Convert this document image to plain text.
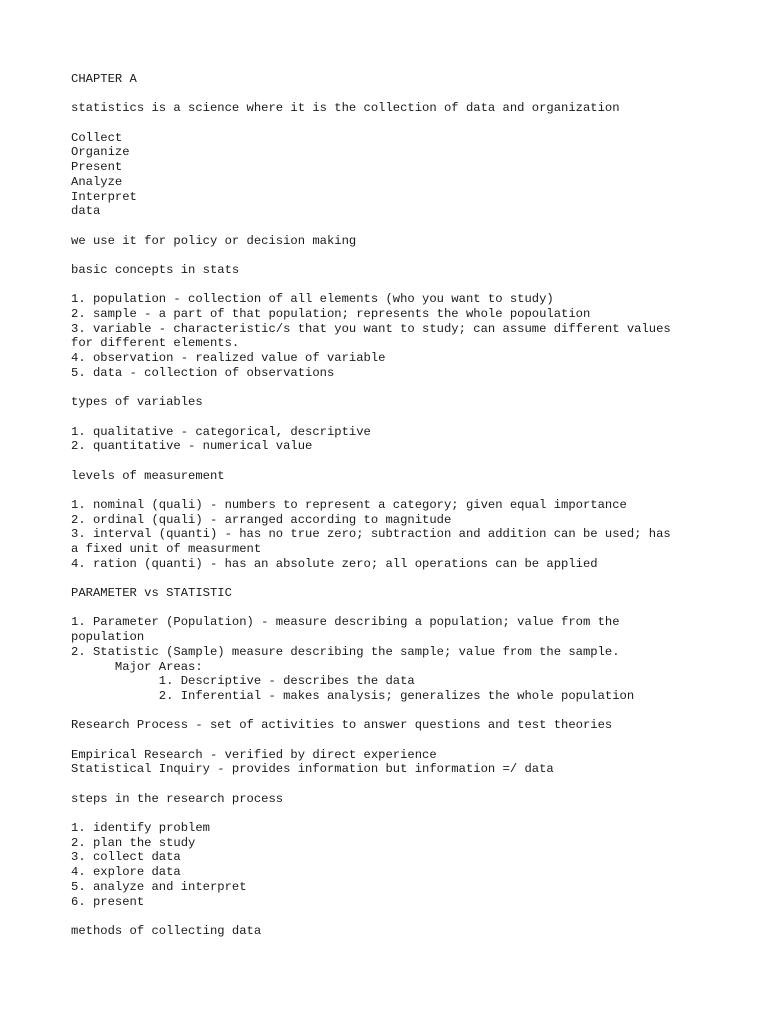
CHAPTER A
statistics is a science where it is the collection of data and organization
Collect
Organize
Present
Analyze
Interpret
data
we use it for policy or decision making
basic concepts in stats
1. population - collection of all elements (who you want to study)
2. sample - a part of that population; represents the whole popoulation
3. variable - characteristic/s that you want to study; can assume different values
for different elements.
4. observation - realized value of variable
5. data - collection of observations
types of variables
1. qualitative - categorical, descriptive
2. quantitative - numerical value
levels of measurement
1. nominal (quali) - numbers to represent a category; given equal importance
2. ordinal (quali) - arranged according to magnitude
3. interval (quanti) - has no true zero; subtraction and addition can be used; has
a fixed unit of measurment
4. ration (quanti) - has an absolute zero; all operations can be applied
PARAMETER vs STATISTIC
1. Parameter (Population) - measure describing a population; value from the
population
2. Statistic (Sample) measure describing the sample; value from the sample.
Major Areas:
1. Descriptive - describes the data
2. Inferential - makes analysis; generalizes the whole population
Research Process - set of activities to answer questions and test theories
Empirical Research - verified by direct experience
Statistical Inquiry - provides information but information =/ data
steps in the research process
1. identify problem
2. plan the study
3. collect data
4. explore data
5. analyze and interpret
6. present
methods of collecting data
